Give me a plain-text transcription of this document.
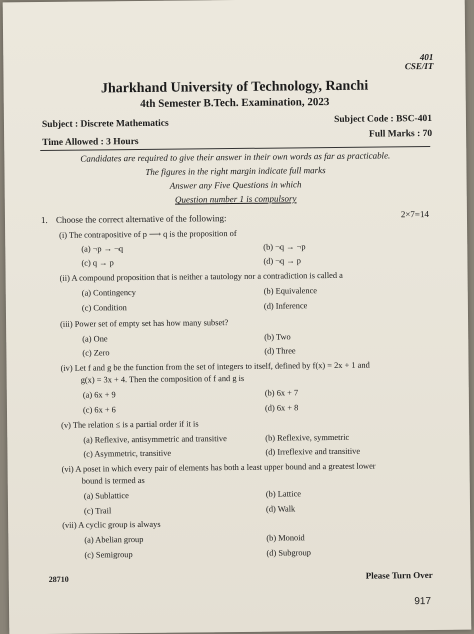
401
CSE/IT
Jharkhand University of Technology, Ranchi
4th Semester B.Tech. Examination, 2023
Subject : Discrete Mathematics	Subject Code : BSC-401
Time Allowed : 3 Hours
Full Marks : 70
Candidates are required to give their answer in their own words as far as practicable.
The figures in the right margin indicate full marks
Answer any Five Questions in which
Question number 1 is compulsory
1. Choose the correct alternative of the following:	2×7=14
(i) The contrapositive of p ⟶ q is the proposition of
(a) ¬p → ¬q	(b) ¬q → ¬p
(c) q → p	(d) ¬q → p
(ii) A compound proposition that is neither a tautology nor a contradiction is called a
(a) Contingency	(b) Equivalence
(c) Condition	(d) Inference
(iii) Power set of empty set has how many subset?
(a) One	(b) Two
(c) Zero	(d) Three
(iv) Let f and g be the function from the set of integers to itself, defined by f(x) = 2x + 1 and
g(x) = 3x + 4. Then the composition of f and g is
(a) 6x + 9	(b) 6x + 7
(c) 6x + 6	(d) 6x + 8
(v) The relation ≤ is a partial order if it is
(a) Reflexive, antisymmetric and transitive	(b) Reflexive, symmetric
(c) Asymmetric, transitive	(d) Irreflexive and transitive
(vi) A poset in which every pair of elements has both a least upper bound and a greatest lower
bound is termed as
(a) Sublattice	(b) Lattice
(c) Trail	(d) Walk
(vii) A cyclic group is always
(a) Abelian group	(b) Monoid
(c) Semigroup	(d) Subgroup
28710	Please Turn Over
917
